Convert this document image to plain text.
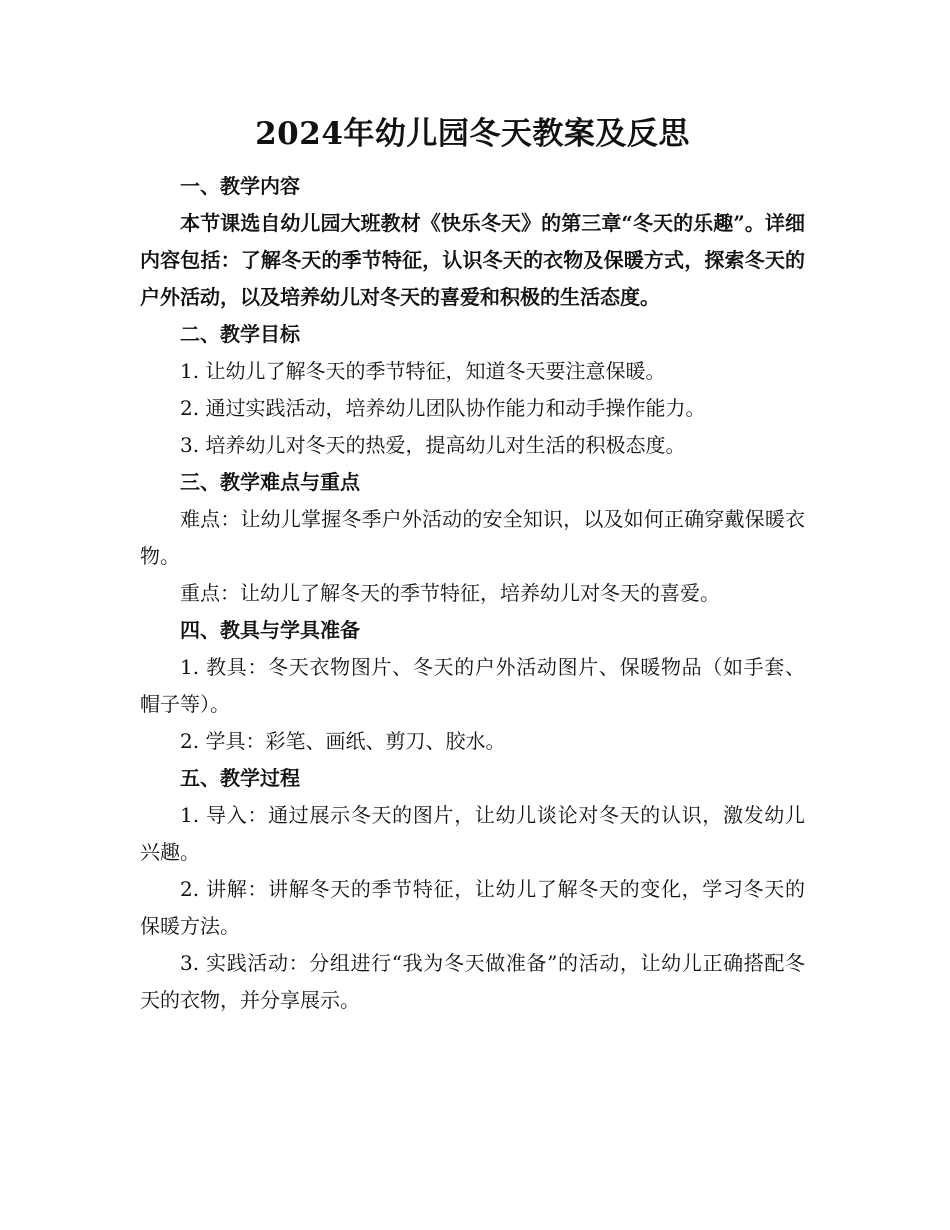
2024年幼儿园冬天教案及反思

一、教学内容

本节课选自幼儿园大班教材《快乐冬天》的第三章“冬天的乐趣”。详细内容包括：了解冬天的季节特征，认识冬天的衣物及保暖方式，探索冬天的户外活动，以及培养幼儿对冬天的喜爱和积极的生活态度。

二、教学目标

1. 让幼儿了解冬天的季节特征，知道冬天要注意保暖。

2. 通过实践活动，培养幼儿团队协作能力和动手操作能力。

3. 培养幼儿对冬天的热爱，提高幼儿对生活的积极态度。

三、教学难点与重点

难点：让幼儿掌握冬季户外活动的安全知识，以及如何正确穿戴保暖衣物。

重点：让幼儿了解冬天的季节特征，培养幼儿对冬天的喜爱。

四、教具与学具准备

1. 教具：冬天衣物图片、冬天的户外活动图片、保暖物品（如手套、帽子等）。

2. 学具：彩笔、画纸、剪刀、胶水。

五、教学过程

1. 导入：通过展示冬天的图片，让幼儿谈论对冬天的认识，激发幼儿兴趣。

2. 讲解：讲解冬天的季节特征，让幼儿了解冬天的变化，学习冬天的保暖方法。

3. 实践活动：分组进行“我为冬天做准备”的活动，让幼儿正确搭配冬天的衣物，并分享展示。
